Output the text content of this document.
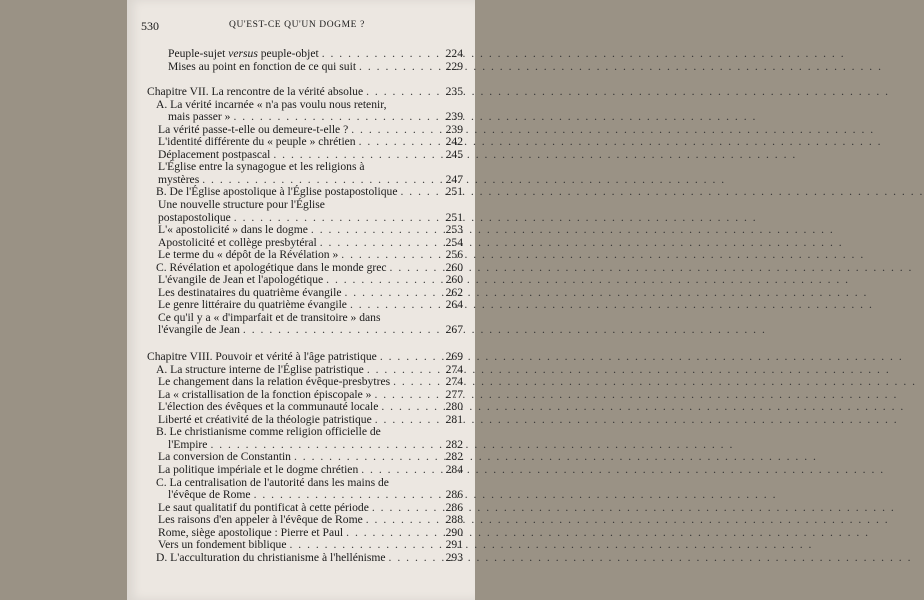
530	QU'EST-CE QU'UN DOGME ?
Peuple-sujet versus peuple-objet . . .	224
Mises au point en fonction de ce qui suit . . .	229
Chapitre VII. La rencontre de la vérité absolue . . .	235
A. La vérité incarnée « n'a pas voulu nous retenir,
mais passer » . . .	239
La vérité passe-t-elle ou demeure-t-elle ? . . .	239
L'identité différente du « peuple » chrétien . . .	242
Déplacement postpascal . . .	245
L'Église entre la synagogue et les religions à
mystères . . .	247
B. De l'Église apostolique à l'Église postapostolique . . .	251
Une nouvelle structure pour l'Église
postapostolique . . .	251
L'« apostolicité » dans le dogme . . .	253
Apostolicité et collège presbytéral . . .	254
Le terme du « dépôt de la Révélation » . . .	256
C. Révélation et apologétique dans le monde grec . . .	260
L'évangile de Jean et l'apologétique . . .	260
Les destinataires du quatrième évangile . . .	262
Le genre littéraire du quatrième évangile . . .	264
Ce qu'il y a « d'imparfait et de transitoire » dans
l'évangile de Jean . . .	267
Chapitre VIII. Pouvoir et vérité à l'âge patristique . . .	269
A. La structure interne de l'Église patristique . . .	274
Le changement dans la relation évêque-presbytres . . .	274
La « cristallisation de la fonction épiscopale » . . .	277
L'élection des évêques et la communauté locale . . .	280
Liberté et créativité de la théologie patristique . . .	281
B. Le christianisme comme religion officielle de
l'Empire . . .	282
La conversion de Constantin . . .	282
La politique impériale et le dogme chrétien . . .	284
C. La centralisation de l'autorité dans les mains de
l'évêque de Rome . . .	286
Le saut qualitatif du pontificat à cette période . . .	286
Les raisons d'en appeler à l'évêque de Rome . . .	288
Rome, siège apostolique : Pierre et Paul . . .	290
Vers un fondement biblique . . .	291
D. L'acculturation du christianisme à l'hellénisme . . .	293
